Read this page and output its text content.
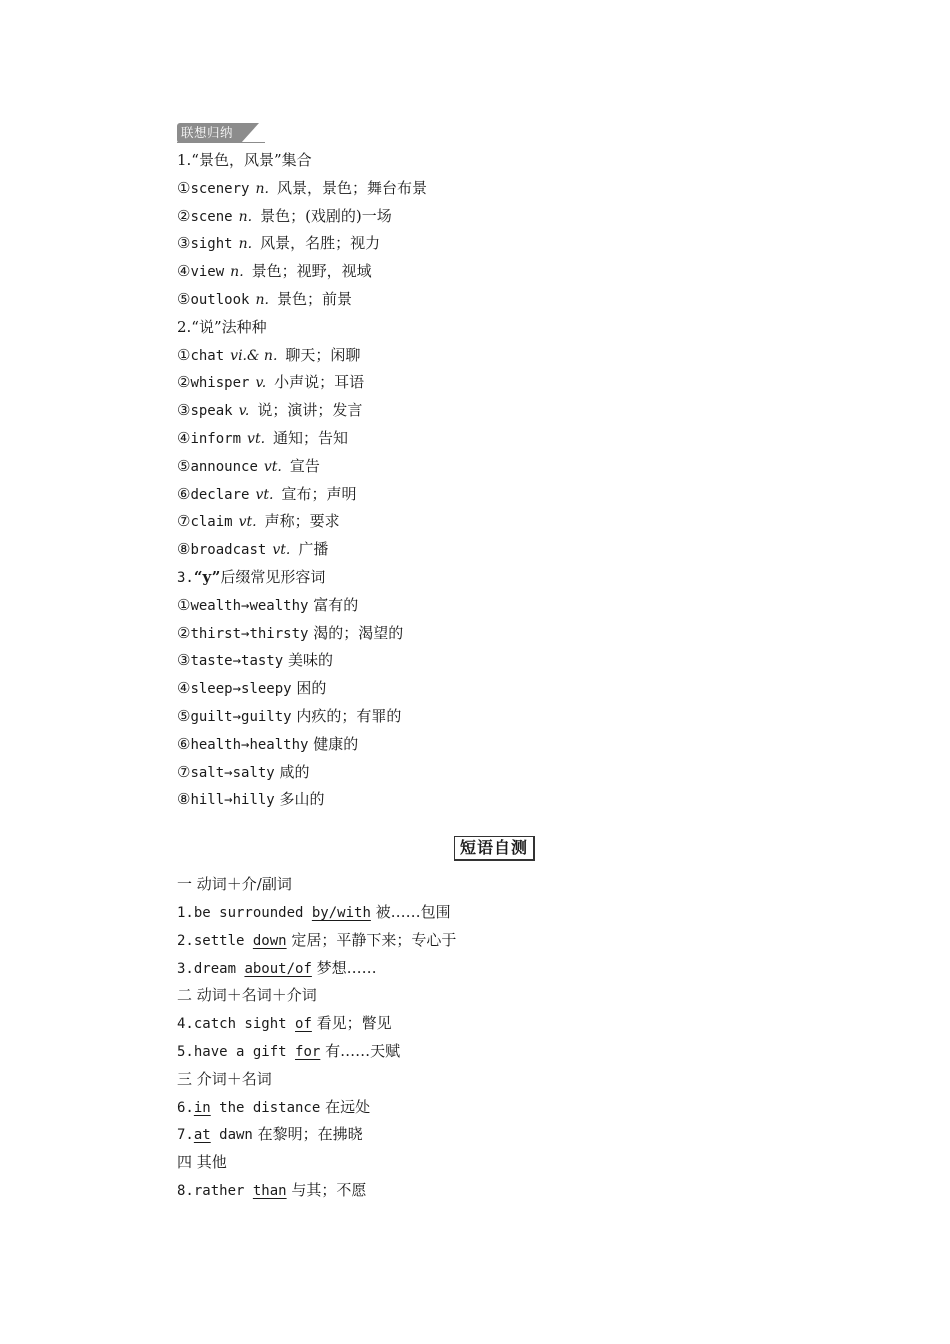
联想归纳
1.“景色，风景”集合
①scenery n. 风景，景色；舞台布景
②scene n. 景色；(戏剧的)一场
③sight n. 风景，名胜；视力
④view n. 景色；视野，视域
⑤outlook n. 景色；前景
2.“说”法种种
①chat vi.& n. 聊天；闲聊
②whisper v. 小声说；耳语
③speak v. 说；演讲；发言
④inform vt. 通知；告知
⑤announce vt. 宣告
⑥declare vt. 宣布；声明
⑦claim vt. 声称；要求
⑧broadcast vt. 广播
3.“y”后缀常见形容词
①wealth→wealthy 富有的
②thirst→thirsty 渴的；渴望的
③taste→tasty 美味的
④sleep→sleepy 困的
⑤guilt→guilty 内疚的；有罪的
⑥health→healthy 健康的
⑦salt→salty 咸的
⑧hill→hilly 多山的
短语自测
一 动词＋介/副词
1.be surrounded by/with 被……包围
2.settle down 定居；平静下来；专心于
3.dream about/of 梦想……
二 动词＋名词＋介词
4.catch sight of 看见；瞥见
5.have a gift for 有……天赋
三 介词＋名词
6.in the distance 在远处
7.at dawn 在黎明；在拂晓
四 其他
8.rather than 与其；不愿
